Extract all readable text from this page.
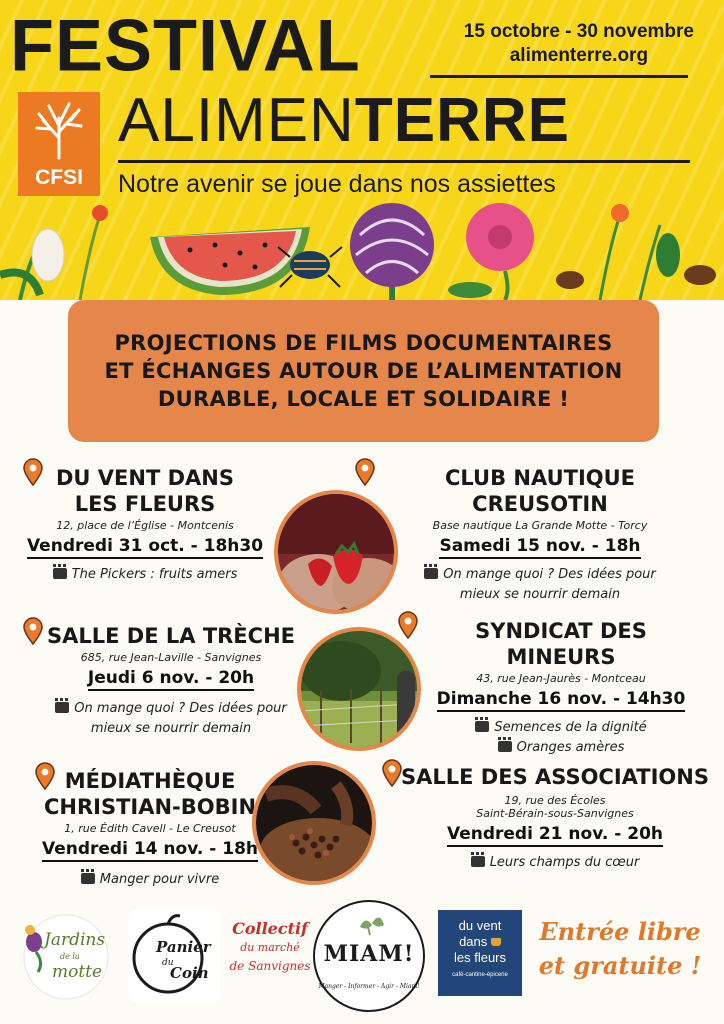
FESTIVAL	15 octobre - 30 novembre
alimenterre.org
CFSI
ALIMENTERRE
Notre avenir se joue dans nos assiettes
PROJECTIONS DE FILMS DOCUMENTAIRES
ET ÉCHANGES AUTOUR DE L’ALIMENTATION
DURABLE, LOCALE ET SOLIDAIRE !
DU VENT DANS
LES FLEURS
12, place de l’Église - Montcenis
Vendredi 31 oct. - 18h30
The Pickers : fruits amers
CLUB NAUTIQUE CREUSOTIN
Base nautique La Grande Motte - Torcy
Samedi 15 nov. - 18h
On mange quoi ? Des idées pour
mieux se nourrir demain
SALLE DE LA TRÈCHE
685, rue Jean-Laville - Sanvignes
Jeudi 6 nov. - 20h
On mange quoi ? Des idées pour
mieux se nourrir demain
SYNDICAT DES MINEURS
43, rue Jean-Jaurès - Montceau
Dimanche 16 nov. - 14h30
Semences de la dignité
Oranges amères
MÉDIATHÈQUE
CHRISTIAN-BOBIN
1, rue Édith Cavell - Le Creusot
Vendredi 14 nov. - 18h
Manger pour vivre
SALLE DES ASSOCIATIONS
19, rue des Écoles
Saint-Bérain-sous-Sanvignes
Vendredi 21 nov. - 20h
Leurs champs du cœur
Jardins
de la
motte
Panier
du
Coin
Collectif
du marché
de Sanvignes MIAM!
Manger - Informer - Agir - Miam!
du vent
dans
les fleurs
café-cantine-épicerie
Entrée libre
et gratuite !
